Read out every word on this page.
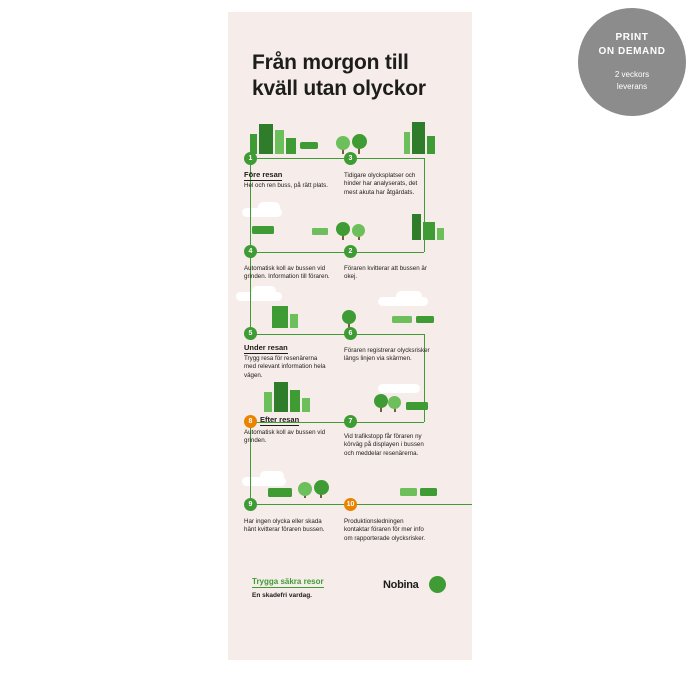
Från morgon till
kväll utan olyckor
1
Före resan
Hel och ren buss, på rätt plats.
3
Tidigare olycksplatser och hinder har analyserats, det mest akuta har åtgärdats.
4
Automatisk koll av bussen vid grinden. Information till föraren.
2
Föraren kvitterar att bussen är okej.
5
Under resan
Trygg resa för resenärerna med relevant information hela vägen.
6
Föraren registrerar olycksrisker längs linjen via skärmen.
8	Efter resan
Automatisk koll av bussen vid grinden.
7
Vid trafikstopp får föraren ny körväg på displayen i bussen och meddelar resenärerna.
9
Har ingen olycka eller skada hänt kvitterar föraren bussen.
10
Produktionsledningen kontaktar föraren för mer info om rapporterade olycksrisker.
Trygga säkra resor
En skadefri vardag.
Nobina
PRINT
ON DEMAND
2 veckors
leverans
